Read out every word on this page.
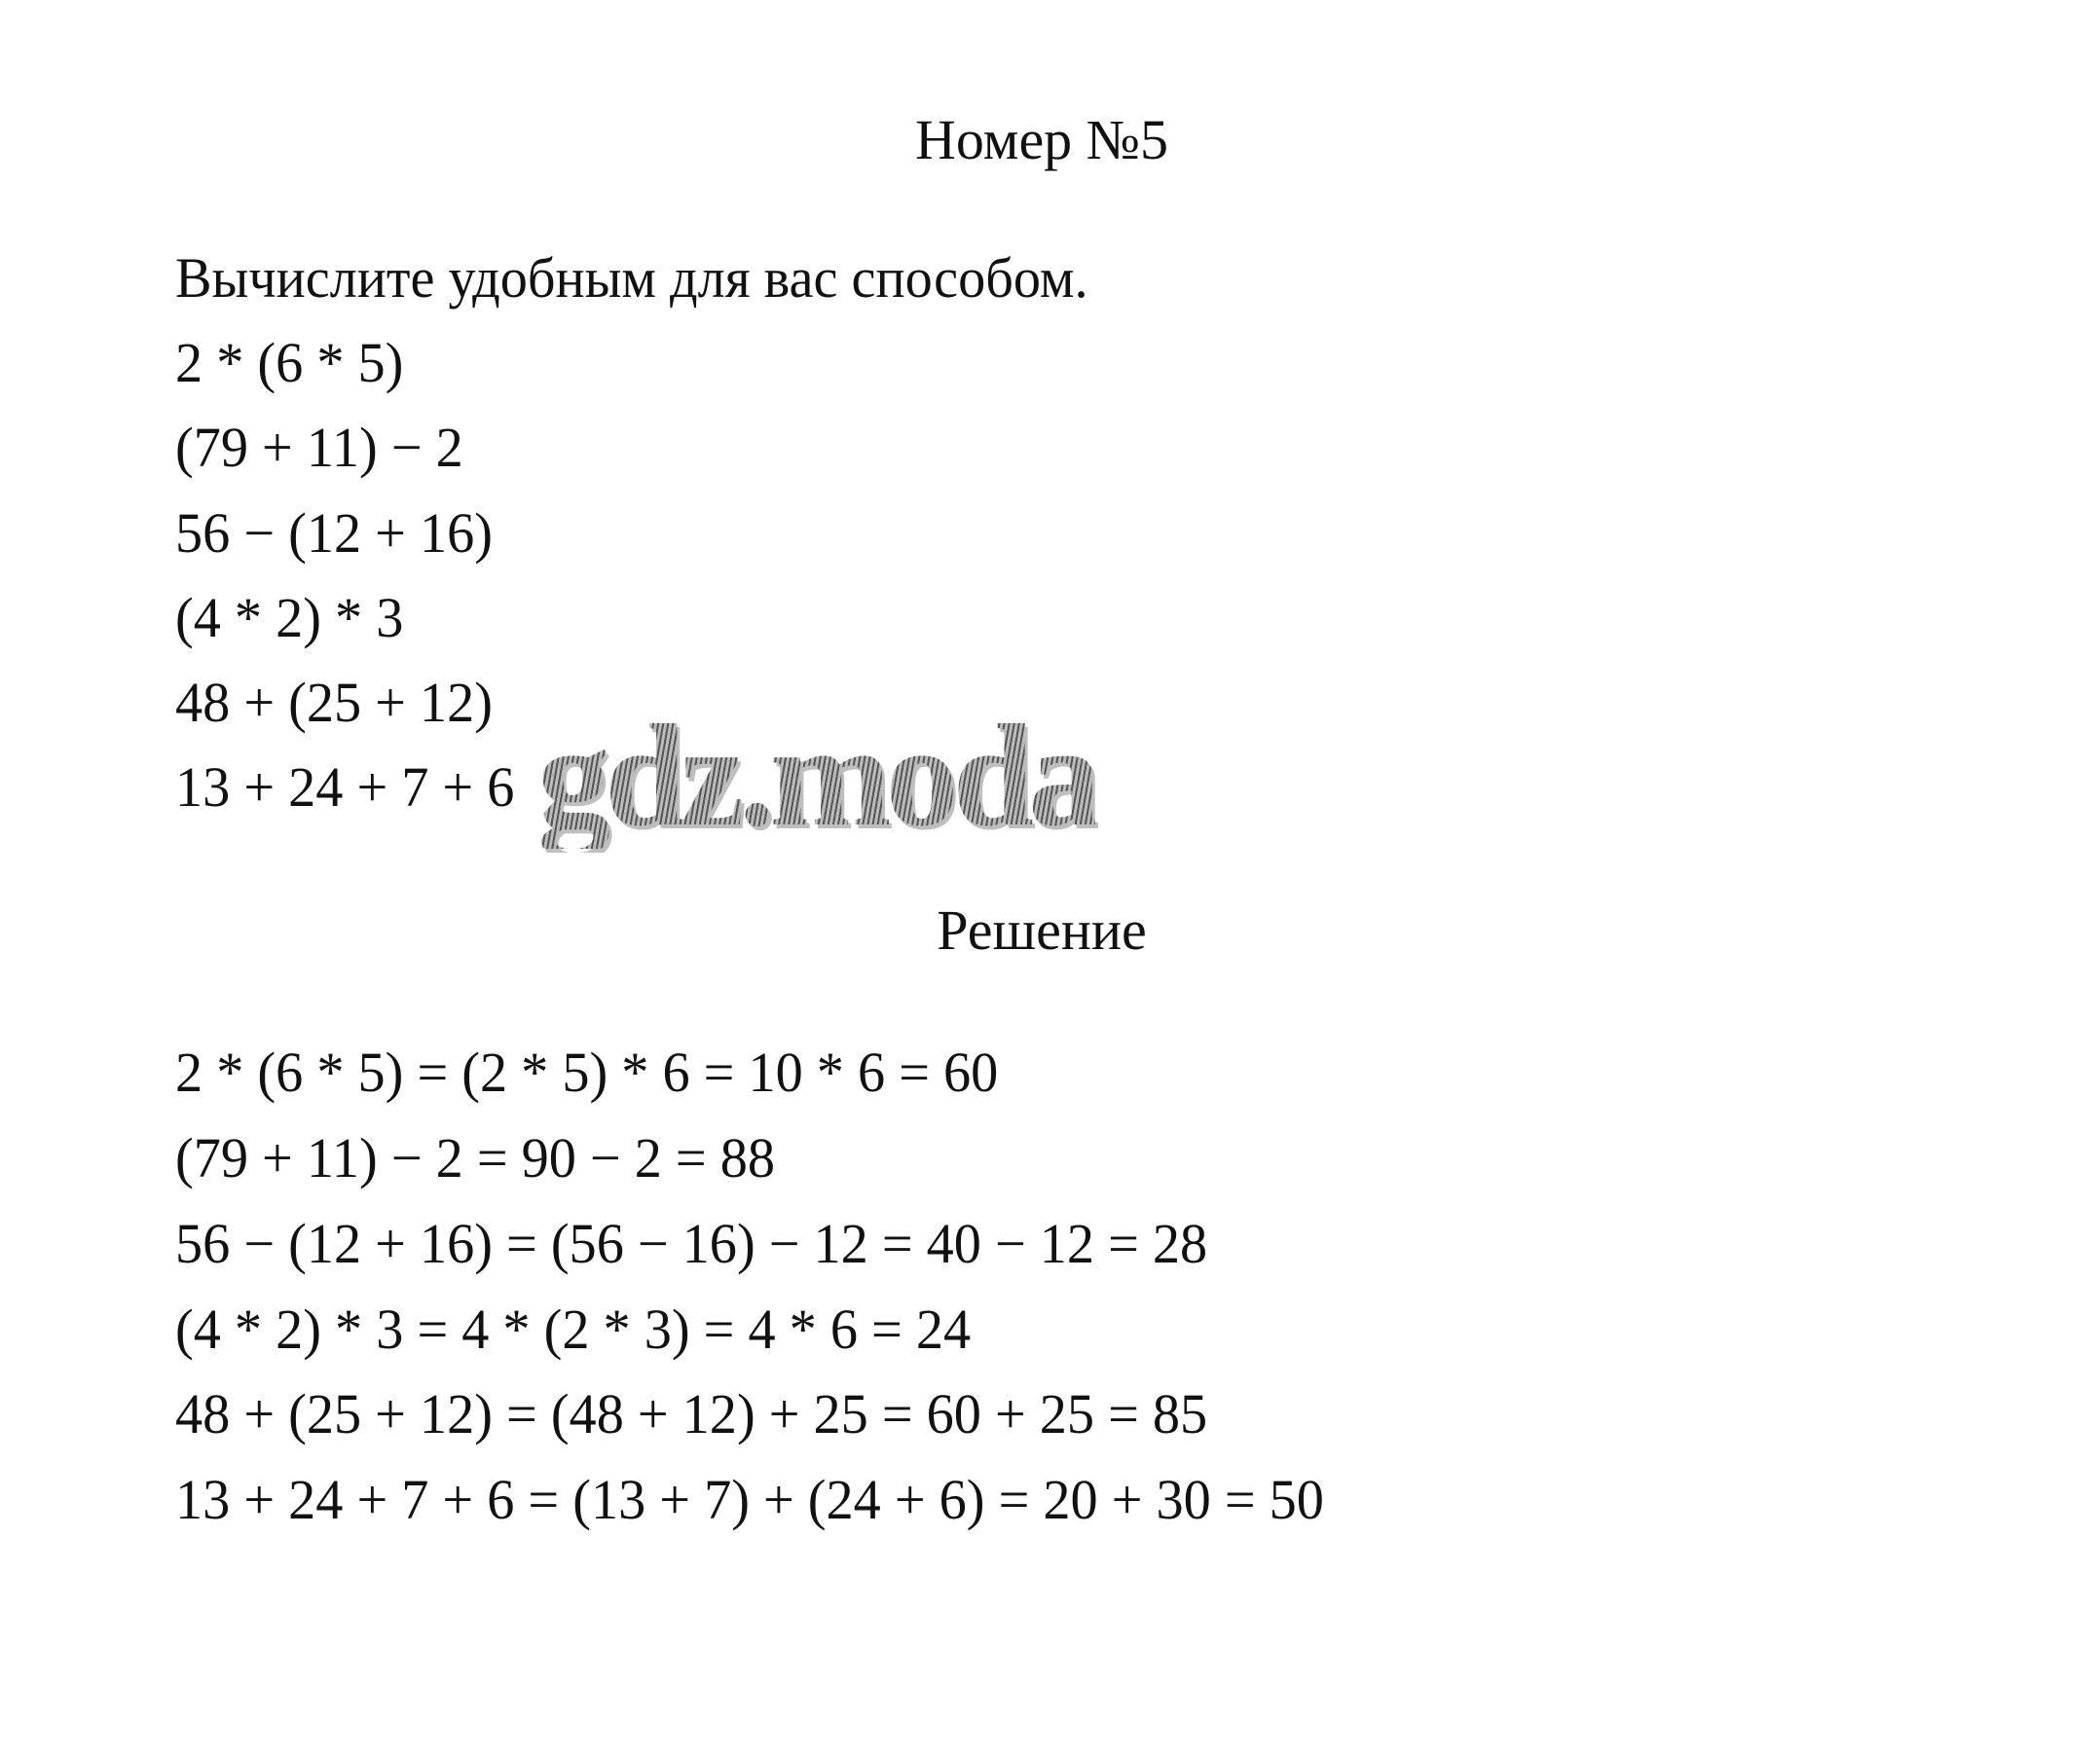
Номер №5
Вычислите удобным для вас способом.
2 * (6 * 5)
(79 + 11) − 2
56 − (12 + 16)
(4 * 2) * 3
48 + (25 + 12)
13 + 24 + 7 + 6 gdz.moda
Решение
2 * (6 * 5) = (2 * 5) * 6 = 10 * 6 = 60
(79 + 11) − 2 = 90 − 2 = 88
56 − (12 + 16) = (56 − 16) − 12 = 40 − 12 = 28
(4 * 2) * 3 = 4 * (2 * 3) = 4 * 6 = 24
48 + (25 + 12) = (48 + 12) + 25 = 60 + 25 = 85
13 + 24 + 7 + 6 = (13 + 7) + (24 + 6) = 20 + 30 = 50
